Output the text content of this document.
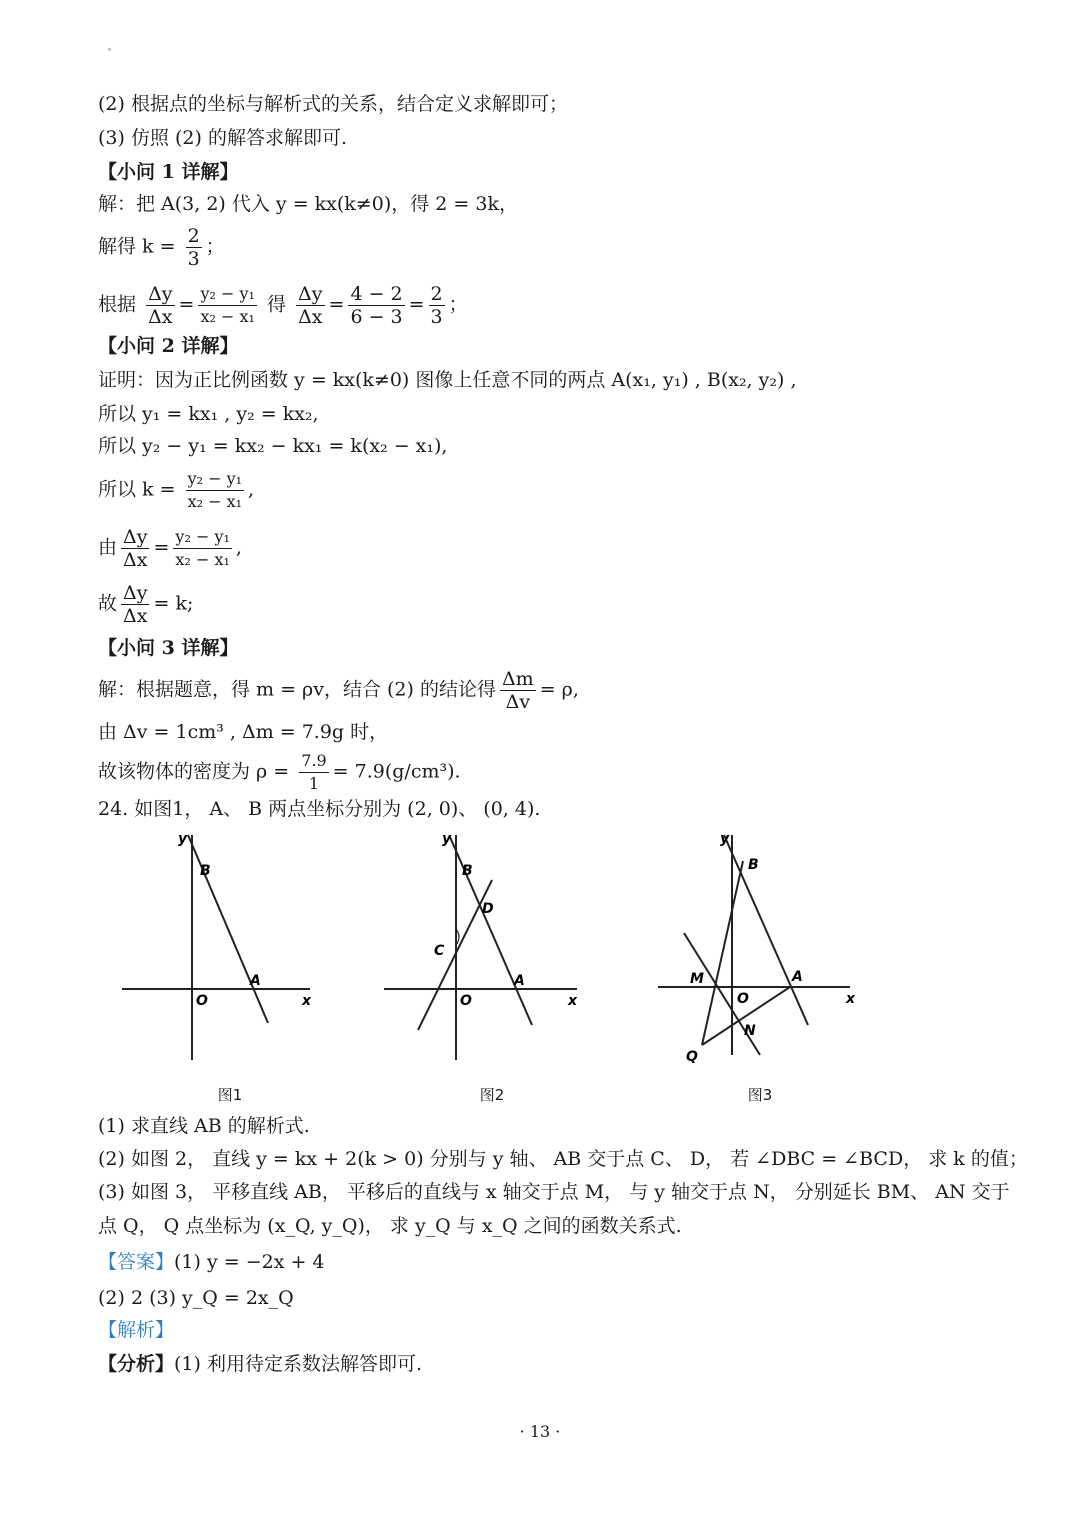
(2) 根据点的坐标与解析式的关系，结合定义求解即可；
(3) 仿照 (2) 的解答求解即可.
【小问 1 详解】
解：把 A(3, 2) 代入 y = kx(k≠0)，得 2 = 3k，
解得 $k = \frac{2}{3}$ ；
根据 $\frac{\Delta y}{\Delta x} = \frac{\text{y₂ − y₁}}{\text{x₂ − x₁}}$ 得 $\frac{\Delta y}{\Delta x} = \frac{4 - 2}{6 - 3} = \frac{2}{3}$ ；
【小问 2 详解】
证明：因为正比例函数 y = kx(k≠0) 图像上任意不同的两点 A(x₁, y₁) , B(x₂, y₂) ,
所以 y₁ = kx₁ , y₂ = kx₂,
所以 y₂ − y₁ = kx₂ − kx₁ = k(x₂ − x₁),
所以 $k = \frac{\text{y₂ − y₁}}{\text{x₂ − x₁}}$ ,
由 $\frac{\Delta y}{\Delta x} = \frac{\text{y₂ − y₁}}{\text{x₂ − x₁}}$ ,
故 $\frac{\Delta y}{\Delta x} = k$;
【小问 3 详解】
解：根据题意，得 m = ρv，结合 (2) 的结论得 $\frac{\Delta m}{\Delta v} = \rho$,
由 Δv = 1cm³ , Δm = 7.9g 时，
故该物体的密度为 $\rho = \frac{7.9}{1} = 7.9(g/cm^3)$.
24. 如图1， A、 B 两点坐标分别为 (2, 0)、 (0, 4).
y
B
A
O	x
图1
y
B
D
C
A
O	x
图2
y
B
A
M
O
N
Q
x
图3
(1) 求直线 AB 的解析式.
(2) 如图 2， 直线 y = kx + 2(k > 0) 分别与 y 轴、 AB 交于点 C、 D， 若 ∠DBC = ∠BCD， 求 k 的值；
(3) 如图 3， 平移直线 AB， 平移后的直线与 x 轴交于点 M， 与 y 轴交于点 N， 分别延长 BM、 AN 交于
点 Q， Q 点坐标为 (x_Q, y_Q)， 求 y_Q 与 x_Q 之间的函数关系式.
【答案】(1) y = −2x + 4
(2) 2 (3) y_Q = 2x_Q
【解析】
【分析】(1) 利用待定系数法解答即可.
· 13 ·
